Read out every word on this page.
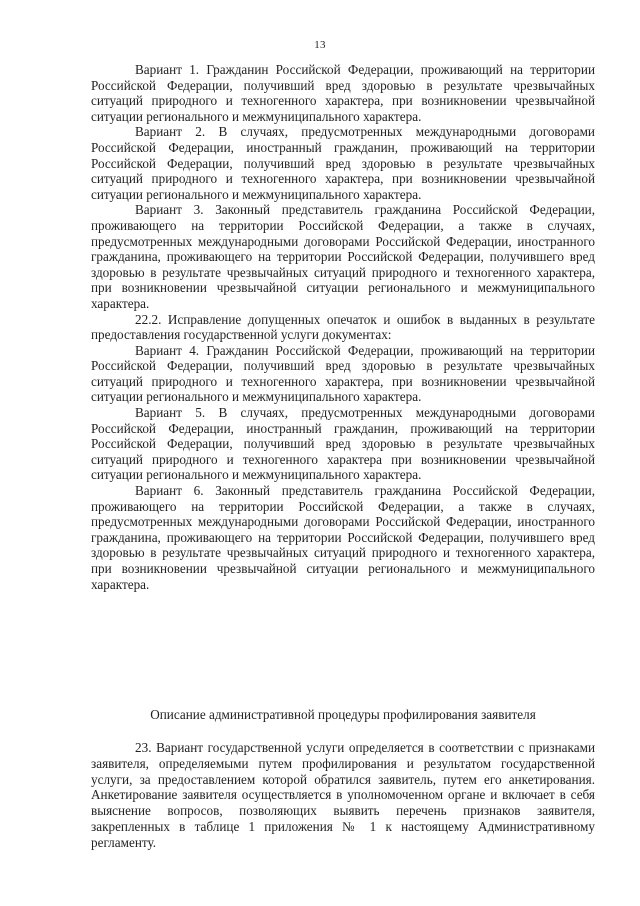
13

Вариант 1. Гражданин Российской Федерации, проживающий на территории Российской Федерации, получивший вред здоровью в результате чрезвычайных ситуаций природного и техногенного характера, при возникновении чрезвычайной ситуации регионального и межмуниципального характера.

Вариант 2. В случаях, предусмотренных международными договорами Российской Федерации, иностранный гражданин, проживающий на территории Российской Федерации, получивший вред здоровью в результате чрезвычайных ситуаций природного и техногенного характера, при возникновении чрезвычайной ситуации регионального и межмуниципального характера.

Вариант 3. Законный представитель гражданина Российской Федерации, проживающего на территории Российской Федерации, а также в случаях, предусмотренных международными договорами Российской Федерации, иностранного гражданина, проживающего на территории Российской Федерации, получившего вред здоровью в результате чрезвычайных ситуаций природного и техногенного характера, при возникновении чрезвычайной ситуации регионального и межмуниципального характера.

22.2. Исправление допущенных опечаток и ошибок в выданных в результате предоставления государственной услуги документах:

Вариант 4. Гражданин Российской Федерации, проживающий на территории Российской Федерации, получивший вред здоровью в результате чрезвычайных ситуаций природного и техногенного характера, при возникновении чрезвычайной ситуации регионального и межмуниципального характера.

Вариант 5. В случаях, предусмотренных международными договорами Российской Федерации, иностранный гражданин, проживающий на территории Российской Федерации, получивший вред здоровью в результате чрезвычайных ситуаций природного и техногенного характера при возникновении чрезвычайной ситуации регионального и межмуниципального характера.

Вариант 6. Законный представитель гражданина Российской Федерации, проживающего на территории Российской Федерации, а также в случаях, предусмотренных международными договорами Российской Федерации, иностранного гражданина, проживающего на территории Российской Федерации, получившего вред здоровью в результате чрезвычайных ситуаций природного и техногенного характера, при возникновении чрезвычайной ситуации регионального и межмуниципального характера.

Описание административной процедуры профилирования заявителя

23. Вариант государственной услуги определяется в соответствии с признаками заявителя, определяемыми путем профилирования и результатом государственной услуги, за предоставлением которой обратился заявитель, путем его анкетирования. Анкетирование заявителя осуществляется в уполномоченном органе и включает в себя выяснение вопросов, позволяющих выявить перечень признаков заявителя, закрепленных в таблице 1 приложения № 1 к настоящему Административному регламенту.
